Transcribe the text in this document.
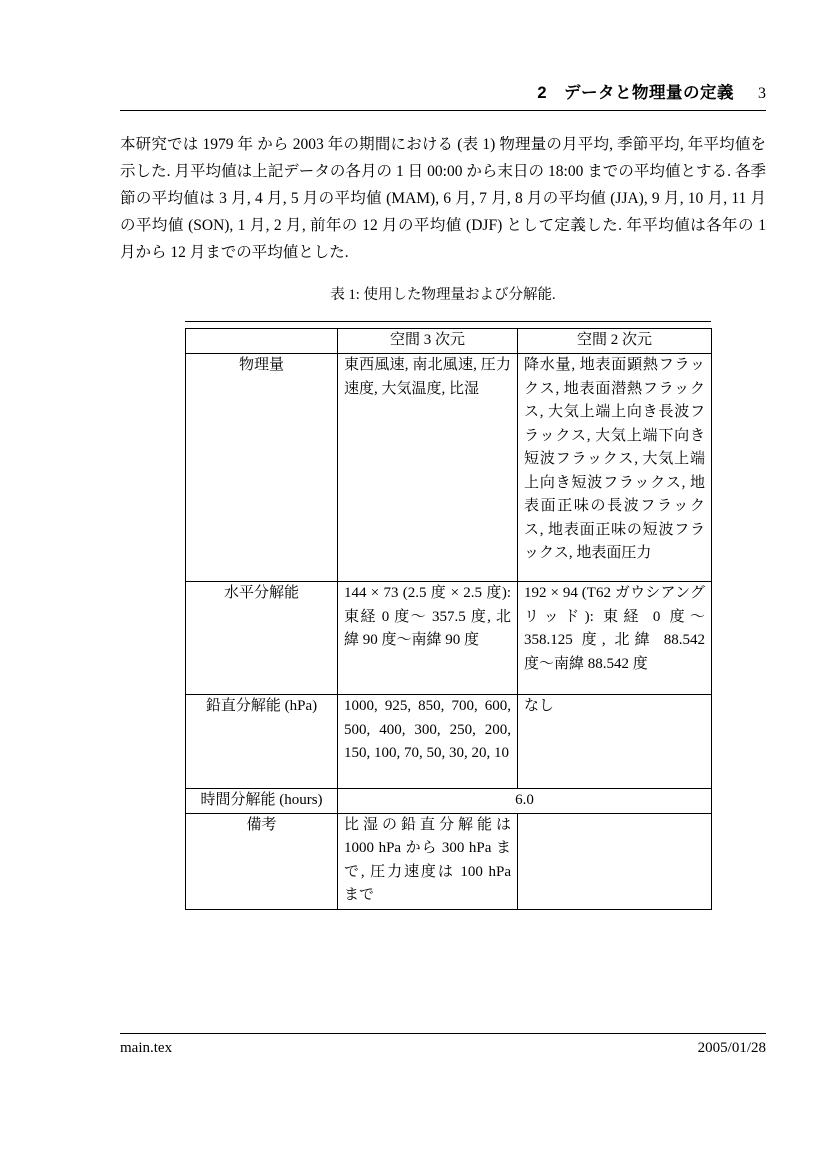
2　データと物理量の定義 3

本研究では 1979 年 から 2003 年の期間における (表 1) 物理量の月平均, 季節平均, 年平均値を示した. 月平均値は上記データの各月の 1 日 00:00 から末日の 18:00 までの平均値とする. 各季節の平均値は 3 月, 4 月, 5 月の平均値 (MAM), 6 月, 7 月, 8 月の平均値 (JJA), 9 月, 10 月, 11 月の平均値 (SON), 1 月, 2 月, 前年の 12 月の平均値 (DJF) として定義した. 年平均値は各年の 1 月から 12 月までの平均値とした.

表 1: 使用した物理量および分解能.
	空間 3 次元	空間 2 次元
物理量	東西風速, 南北風速, 圧力速度, 大気温度, 比湿	降水量, 地表面顕熱フラックス, 地表面潜熱フラックス, 大気上端上向き長波フラックス, 大気上端下向き短波フラックス, 大気上端上向き短波フラックス, 地表面正味の長波フラックス, 地表面正味の短波フラックス, 地表面圧力
水平分解能	144 × 73 (2.5 度 × 2.5 度): 東経 0 度〜 357.5 度, 北緯 90 度〜南緯 90 度	192 × 94 (T62 ガウシアングリッド): 東経 0 度〜358.125 度, 北緯 88.542 度〜南緯 88.542 度
鉛直分解能 (hPa)	1000, 925, 850, 700, 600, 500, 400, 300, 250, 200, 150, 100, 70, 50, 30, 20, 10	なし
時間分解能 (hours)	6.0	
備考	比湿の鉛直分解能は 1000 hPa から 300 hPa まで, 圧力速度は 100 hPa まで	
main.tex	2005/01/28
